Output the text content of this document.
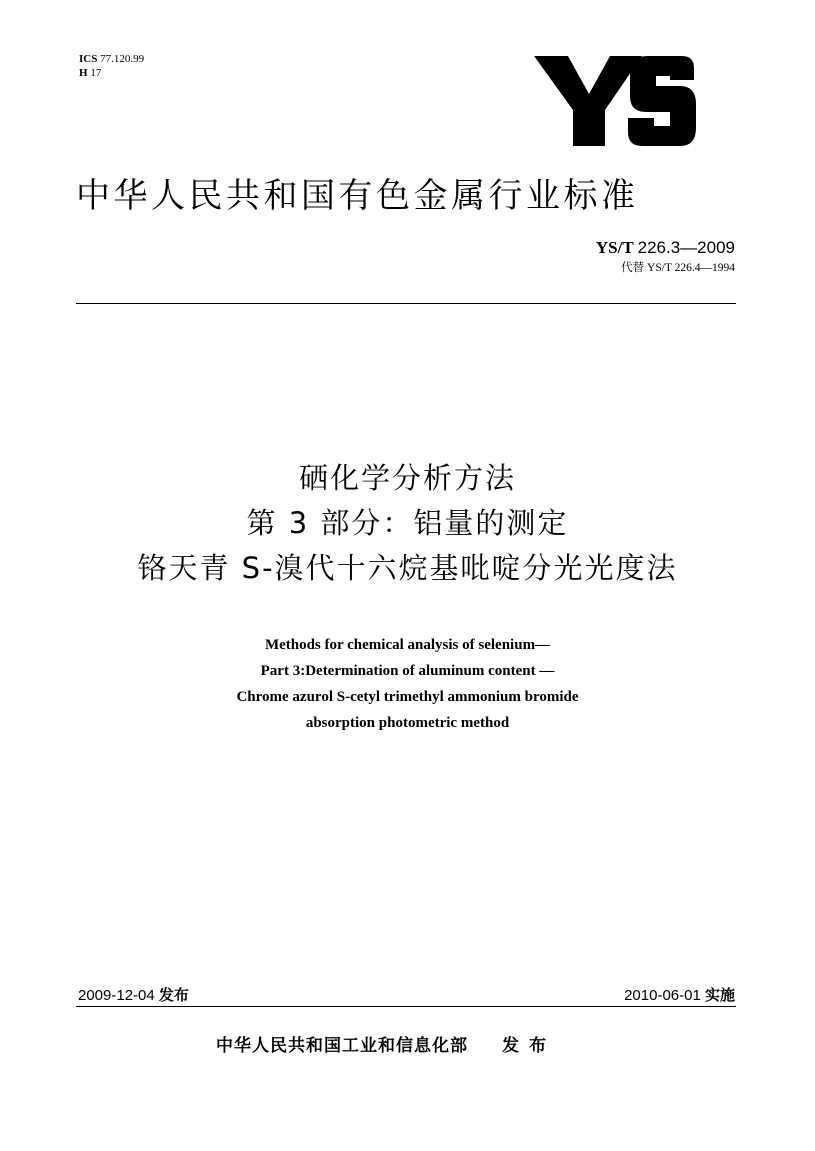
ICS 77.120.99
H 17
中华人民共和国有色金属行业标准
YS/T 226.3—2009
代替 YS/T 226.4—1994
硒化学分析方法
第 3 部分：铝量的测定
铬天青 S-溴代十六烷基吡啶分光光度法
Methods for chemical analysis of selenium—
Part 3:Determination of aluminum content —
Chrome azurol S-cetyl trimethyl ammonium bromide
absorption photometric method
2009-12-04 发布	2010-06-01 实施
中华人民共和国工业和信息化部 发布
